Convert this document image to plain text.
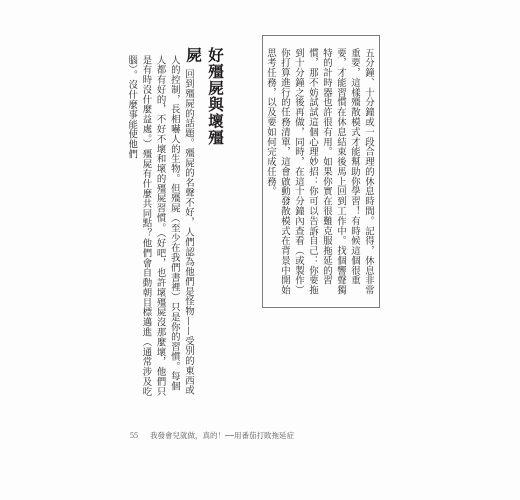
五分鐘、十分鐘或一段合理的休息時間。記得，休息非常重要，這樣殭散模式才能幫助你學習！有時候這個很重要，才能習慣在休息結束後馬上回到工作中。找個響聲獨特的計時器也許很有用。如果你實在很難克服拖延的習慣，那不妨試試這個心理妙招：你可以告訴自己：你要拖到十分鐘之後再做，同時，在這十分鐘內查看（或製作）你打算進行的任務清單，這會啟動發散模式在背景中開始思考任務，以及要如何完成任務。

好殭屍與壞殭屍

回到殭屍的話題。殭屍的名聲不好，人們認為他們是怪物——受別的東西或人的控制，長相嚇人的生物。但殭屍（至少在我們書裡）只是你的習慣。每個人都有好的，不好不壞和壞的殭屍習慣。（好吧，也許壞殭屍沒那麼壞，他們只是有時沒什麼益處。）殭屍有什麼共同點？他們會自動朝目標邁進（通常涉及吃腦）。沒什麼事能使他們

55 我發會兒就做，真的！──用番茄打敗拖延症
